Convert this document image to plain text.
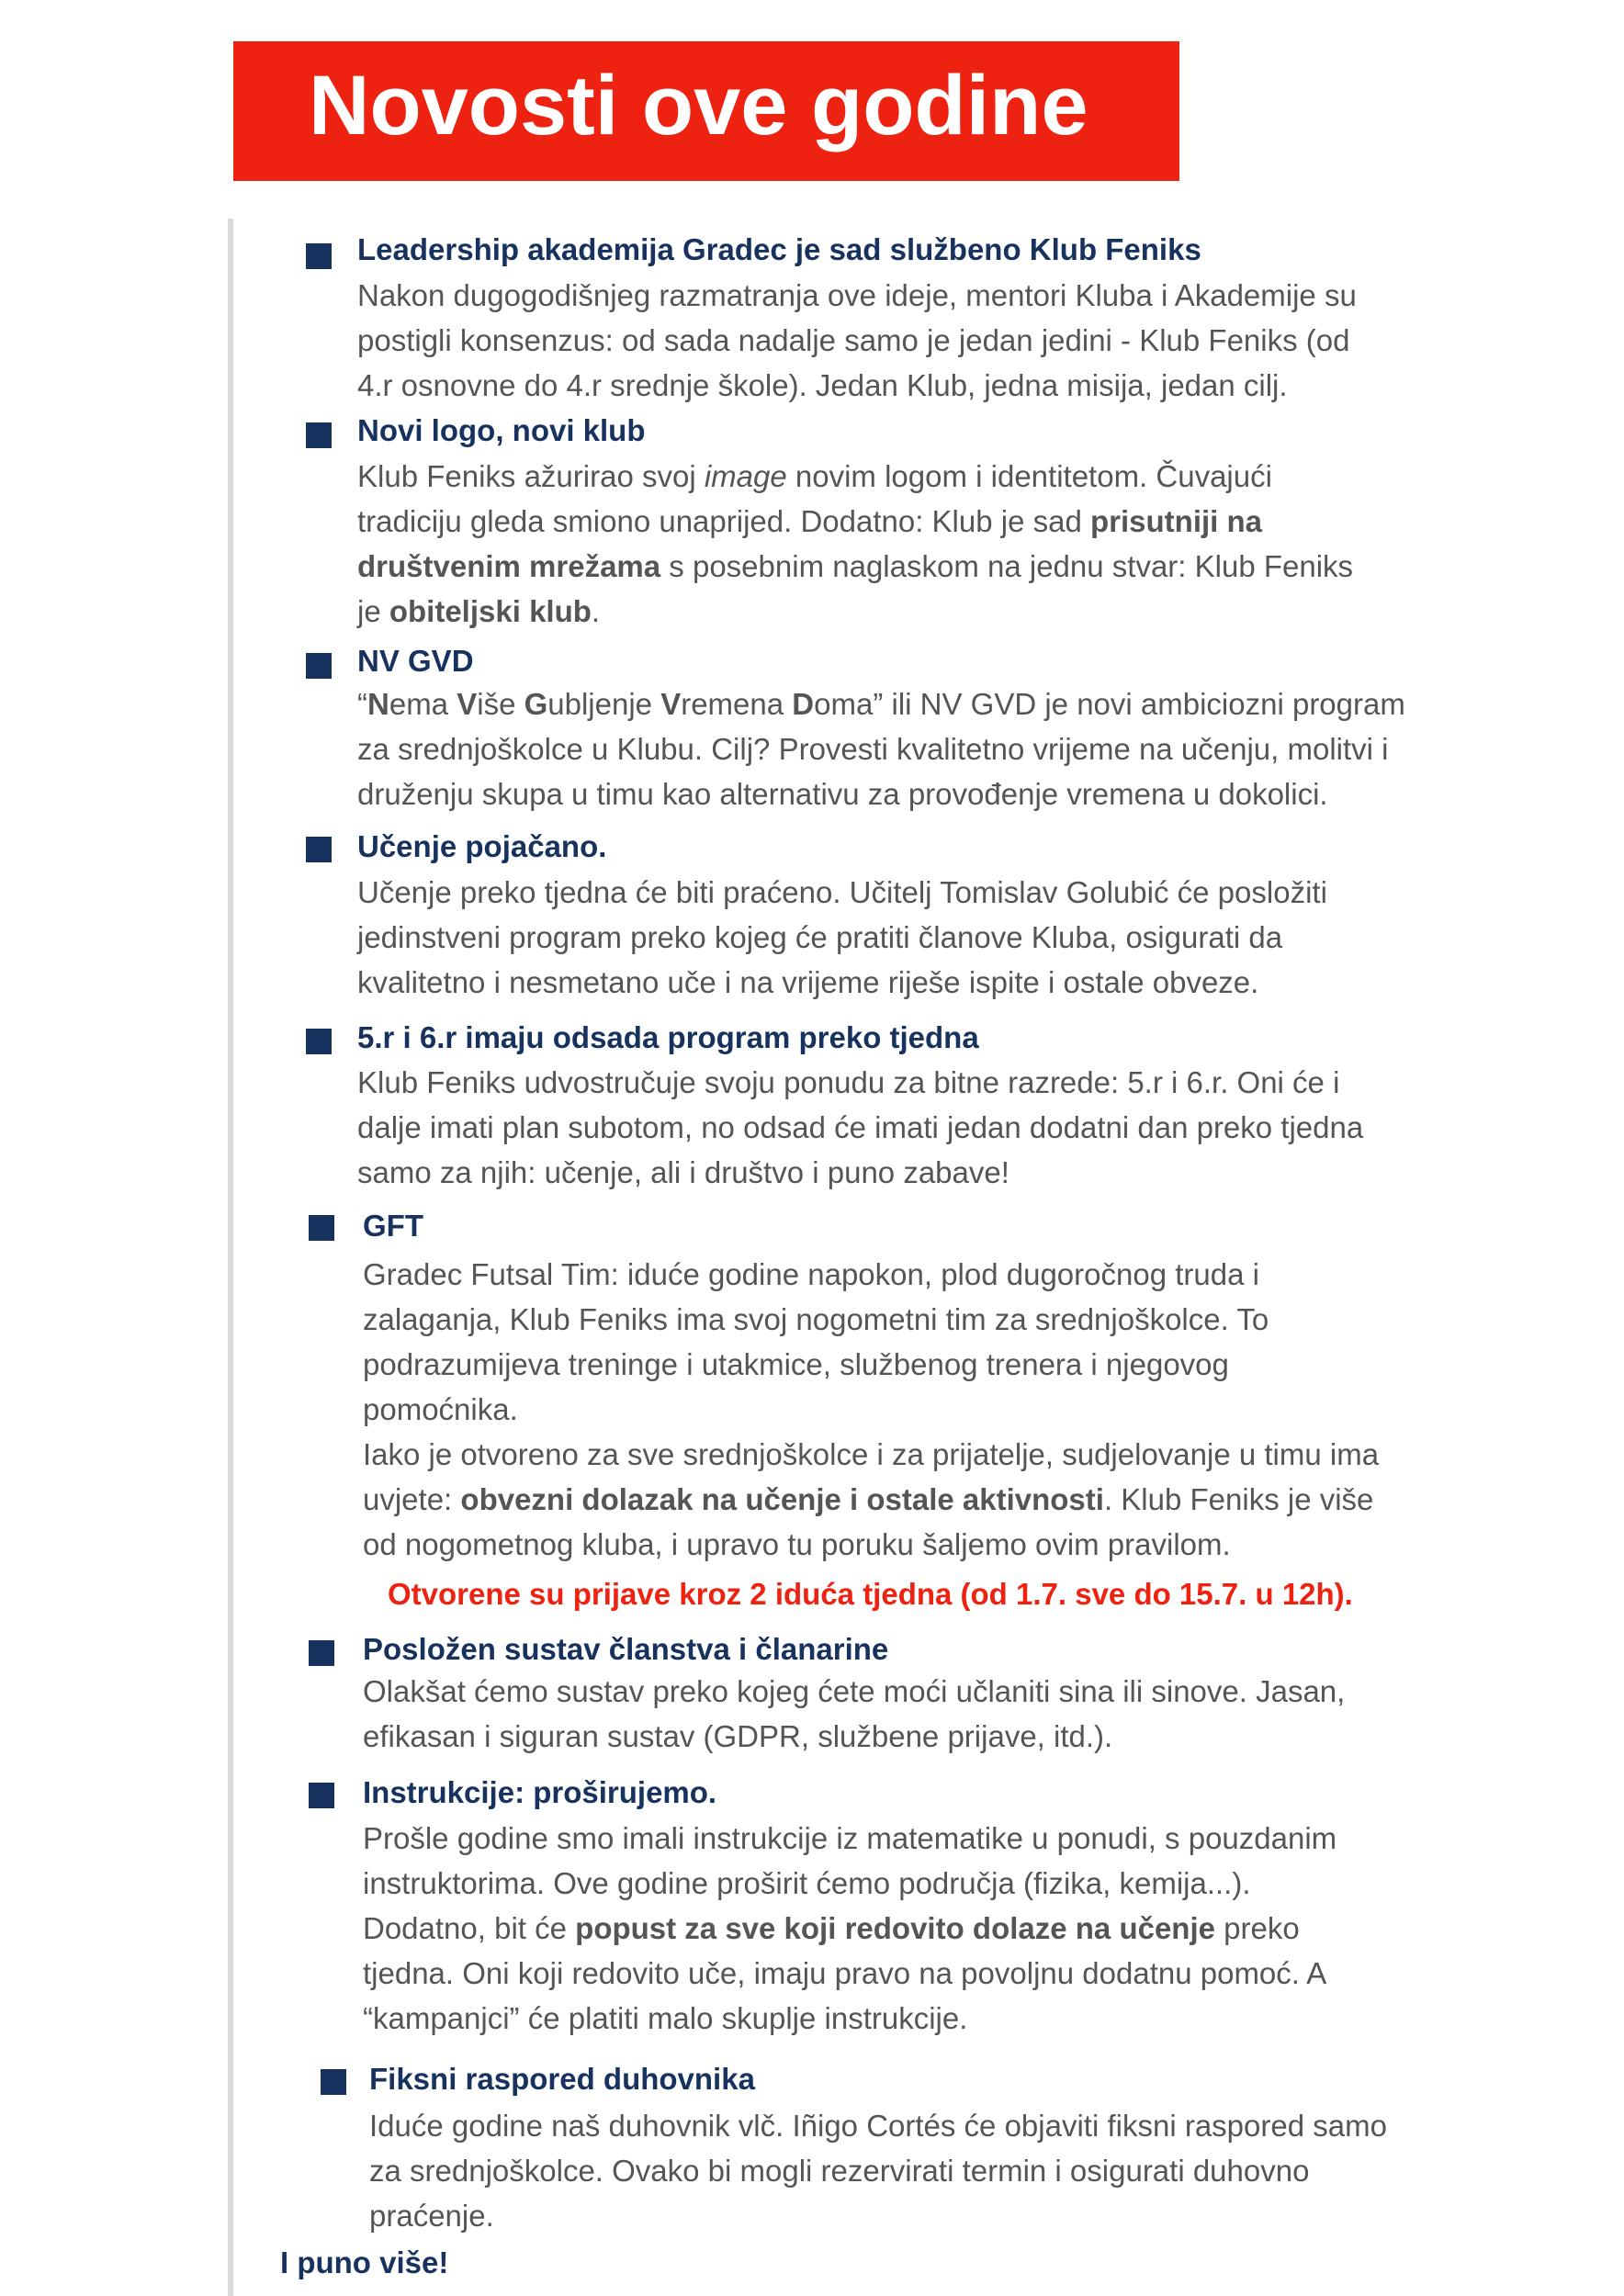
Novosti ove godine
Leadership akademija Gradec je sad službeno Klub Feniks
Nakon dugogodišnjeg razmatranja ove ideje, mentori Kluba i Akademije su
postigli konsenzus: od sada nadalje samo je jedan jedini - Klub Feniks (od
4.r osnovne do 4.r srednje škole). Jedan Klub, jedna misija, jedan cilj.
Novi logo, novi klub
Klub Feniks ažurirao svoj image novim logom i identitetom. Čuvajući
tradiciju gleda smiono unaprijed. Dodatno: Klub je sad prisutniji na
društvenim mrežama s posebnim naglaskom na jednu stvar: Klub Feniks
je obiteljski klub.
NV GVD
“Nema Više Gubljenje Vremena Doma” ili NV GVD je novi ambiciozni program
za srednjoškolce u Klubu. Cilj? Provesti kvalitetno vrijeme na učenju, molitvi i
druženju skupa u timu kao alternativu za provođenje vremena u dokolici.
Učenje pojačano.
Učenje preko tjedna će biti praćeno. Učitelj Tomislav Golubić će posložiti
jedinstveni program preko kojeg će pratiti članove Kluba, osigurati da
kvalitetno i nesmetano uče i na vrijeme riješe ispite i ostale obveze.
5.r i 6.r imaju odsada program preko tjedna
Klub Feniks udvostručuje svoju ponudu za bitne razrede: 5.r i 6.r. Oni će i
dalje imati plan subotom, no odsad će imati jedan dodatni dan preko tjedna
samo za njih: učenje, ali i društvo i puno zabave!
GFT
Gradec Futsal Tim: iduće godine napokon, plod dugoročnog truda i
zalaganja, Klub Feniks ima svoj nogometni tim za srednjoškolce. To
podrazumijeva treninge i utakmice, službenog trenera i njegovog
pomoćnika.
Iako je otvoreno za sve srednjoškolce i za prijatelje, sudjelovanje u timu ima
uvjete: obvezni dolazak na učenje i ostale aktivnosti. Klub Feniks je više
od nogometnog kluba, i upravo tu poruku šaljemo ovim pravilom.
Otvorene su prijave kroz 2 iduća tjedna (od 1.7. sve do 15.7. u 12h).
Posložen sustav članstva i članarine
Olakšat ćemo sustav preko kojeg ćete moći učlaniti sina ili sinove. Jasan,
efikasan i siguran sustav (GDPR, službene prijave, itd.).
Instrukcije: proširujemo.
Prošle godine smo imali instrukcije iz matematike u ponudi, s pouzdanim
instruktorima. Ove godine proširit ćemo područja (fizika, kemija...).
Dodatno, bit će popust za sve koji redovito dolaze na učenje preko
tjedna. Oni koji redovito uče, imaju pravo na povoljnu dodatnu pomoć. A
“kampanjci” će platiti malo skuplje instrukcije.
Fiksni raspored duhovnika
Iduće godine naš duhovnik vlč. Iñigo Cortés će objaviti fiksni raspored samo
za srednjoškolce. Ovako bi mogli rezervirati termin i osigurati duhovno
praćenje.
I puno više!
